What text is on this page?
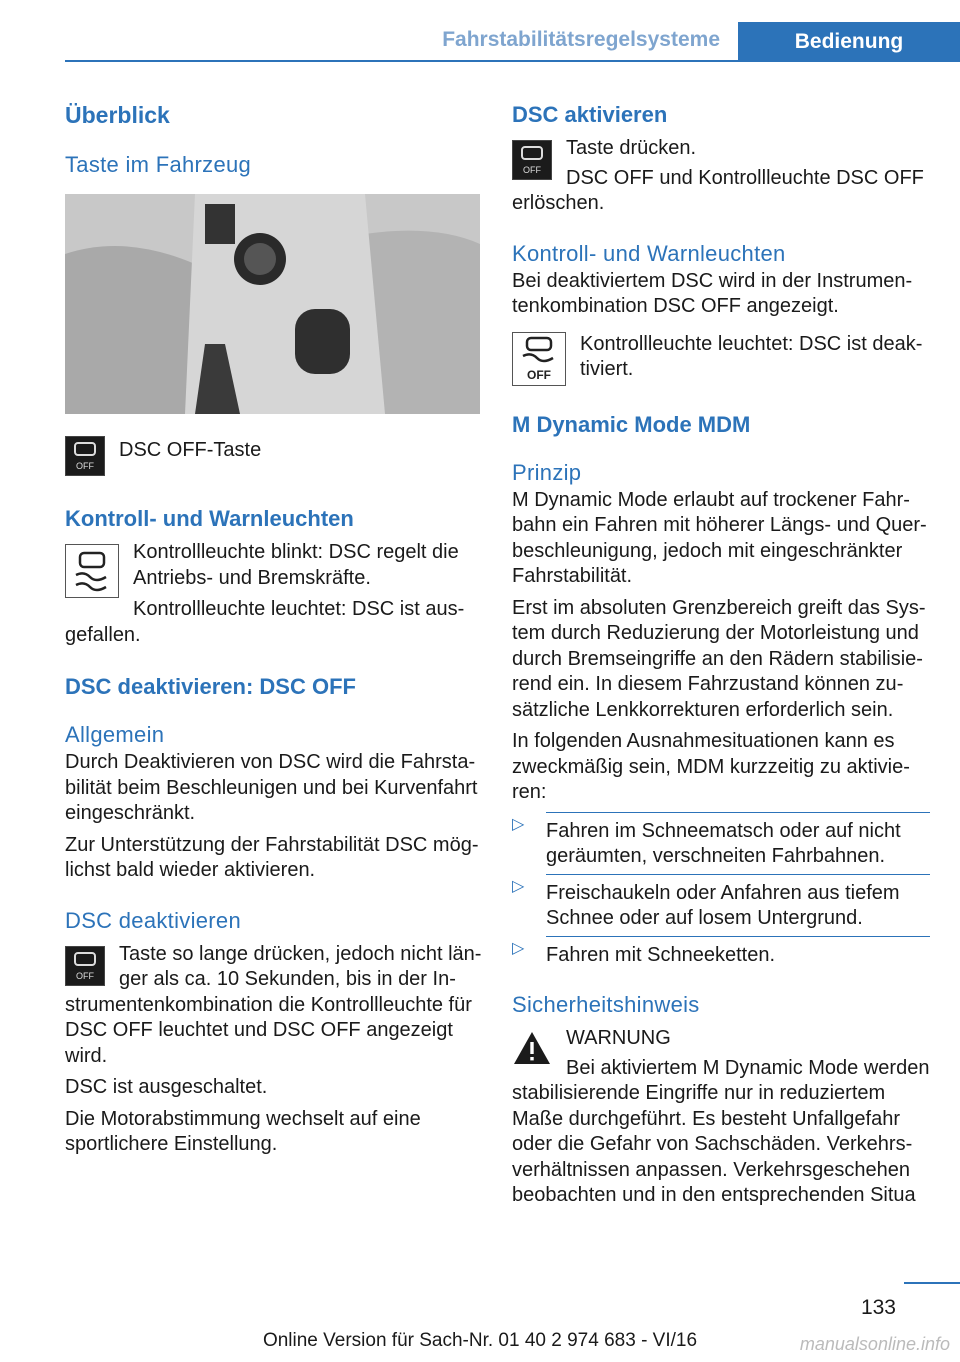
Fahrstabilitätsregelsysteme	Bedienung
Überblick
Taste im Fahrzeug
OFF

DSC OFF-Taste

Kontroll- und Warnleuchten

Kontrollleuchte blinkt: DSC regelt die Antriebs- und Bremskräfte.

Kontrollleuchte leuchtet: DSC ist ausgefallen.

DSC deaktivieren: DSC OFF
Allgemein

Durch Deaktivieren von DSC wird die Fahrstabilität beim Beschleunigen und bei Kurvenfahrt eingeschränkt.

Zur Unterstützung der Fahrstabilität DSC möglichst bald wieder aktivieren.

DSC deaktivieren
OFF

Taste so lange drücken, jedoch nicht länger als ca. 10 Sekunden, bis in der Instrumentenkombination die Kontrollleuchte für DSC OFF leuchtet und DSC OFF angezeigt wird.

DSC ist ausgeschaltet.

Die Motorabstimmung wechselt auf eine sportlichere Einstellung.

DSC aktivieren
OFF

Taste drücken.

DSC OFF und Kontrollleuchte DSC OFF erlöschen.

Kontroll- und Warnleuchten

Bei deaktiviertem DSC wird in der Instrumentenkombination DSC OFF angezeigt.

OFF

Kontrollleuchte leuchtet: DSC ist deaktiviert.

M Dynamic Mode MDM
Prinzip

M Dynamic Mode erlaubt auf trockener Fahrbahn ein Fahren mit höherer Längs- und Querbeschleunigung, jedoch mit eingeschränkter Fahrstabilität.

Erst im absoluten Grenzbereich greift das System durch Reduzierung der Motorleistung und durch Bremseingriffe an den Rädern stabilisierend ein. In diesem Fahrzustand können zusätzliche Lenkkorrekturen erforderlich sein.

In folgenden Ausnahmesituationen kann es zweckmäßig sein, MDM kurzzeitig zu aktivieren:

▷ Fahren im Schneematsch oder auf nicht geräumten, verschneiten Fahrbahnen.
▷ Freischaukeln oder Anfahren aus tiefem Schnee oder auf losem Untergrund.
▷ Fahren mit Schneeketten.
Sicherheitshinweis

WARNUNG

Bei aktiviertem M Dynamic Mode werden stabilisierende Eingriffe nur in reduziertem Maße durchgeführt. Es besteht Unfallgefahr oder die Gefahr von Sachschäden. Verkehrsverhältnissen anpassen. Verkehrsgeschehen beobachten und in den entsprechenden Situa

133
Online Version für Sach-Nr. 01 40 2 974 683 - VI/16	manualsonline.info
